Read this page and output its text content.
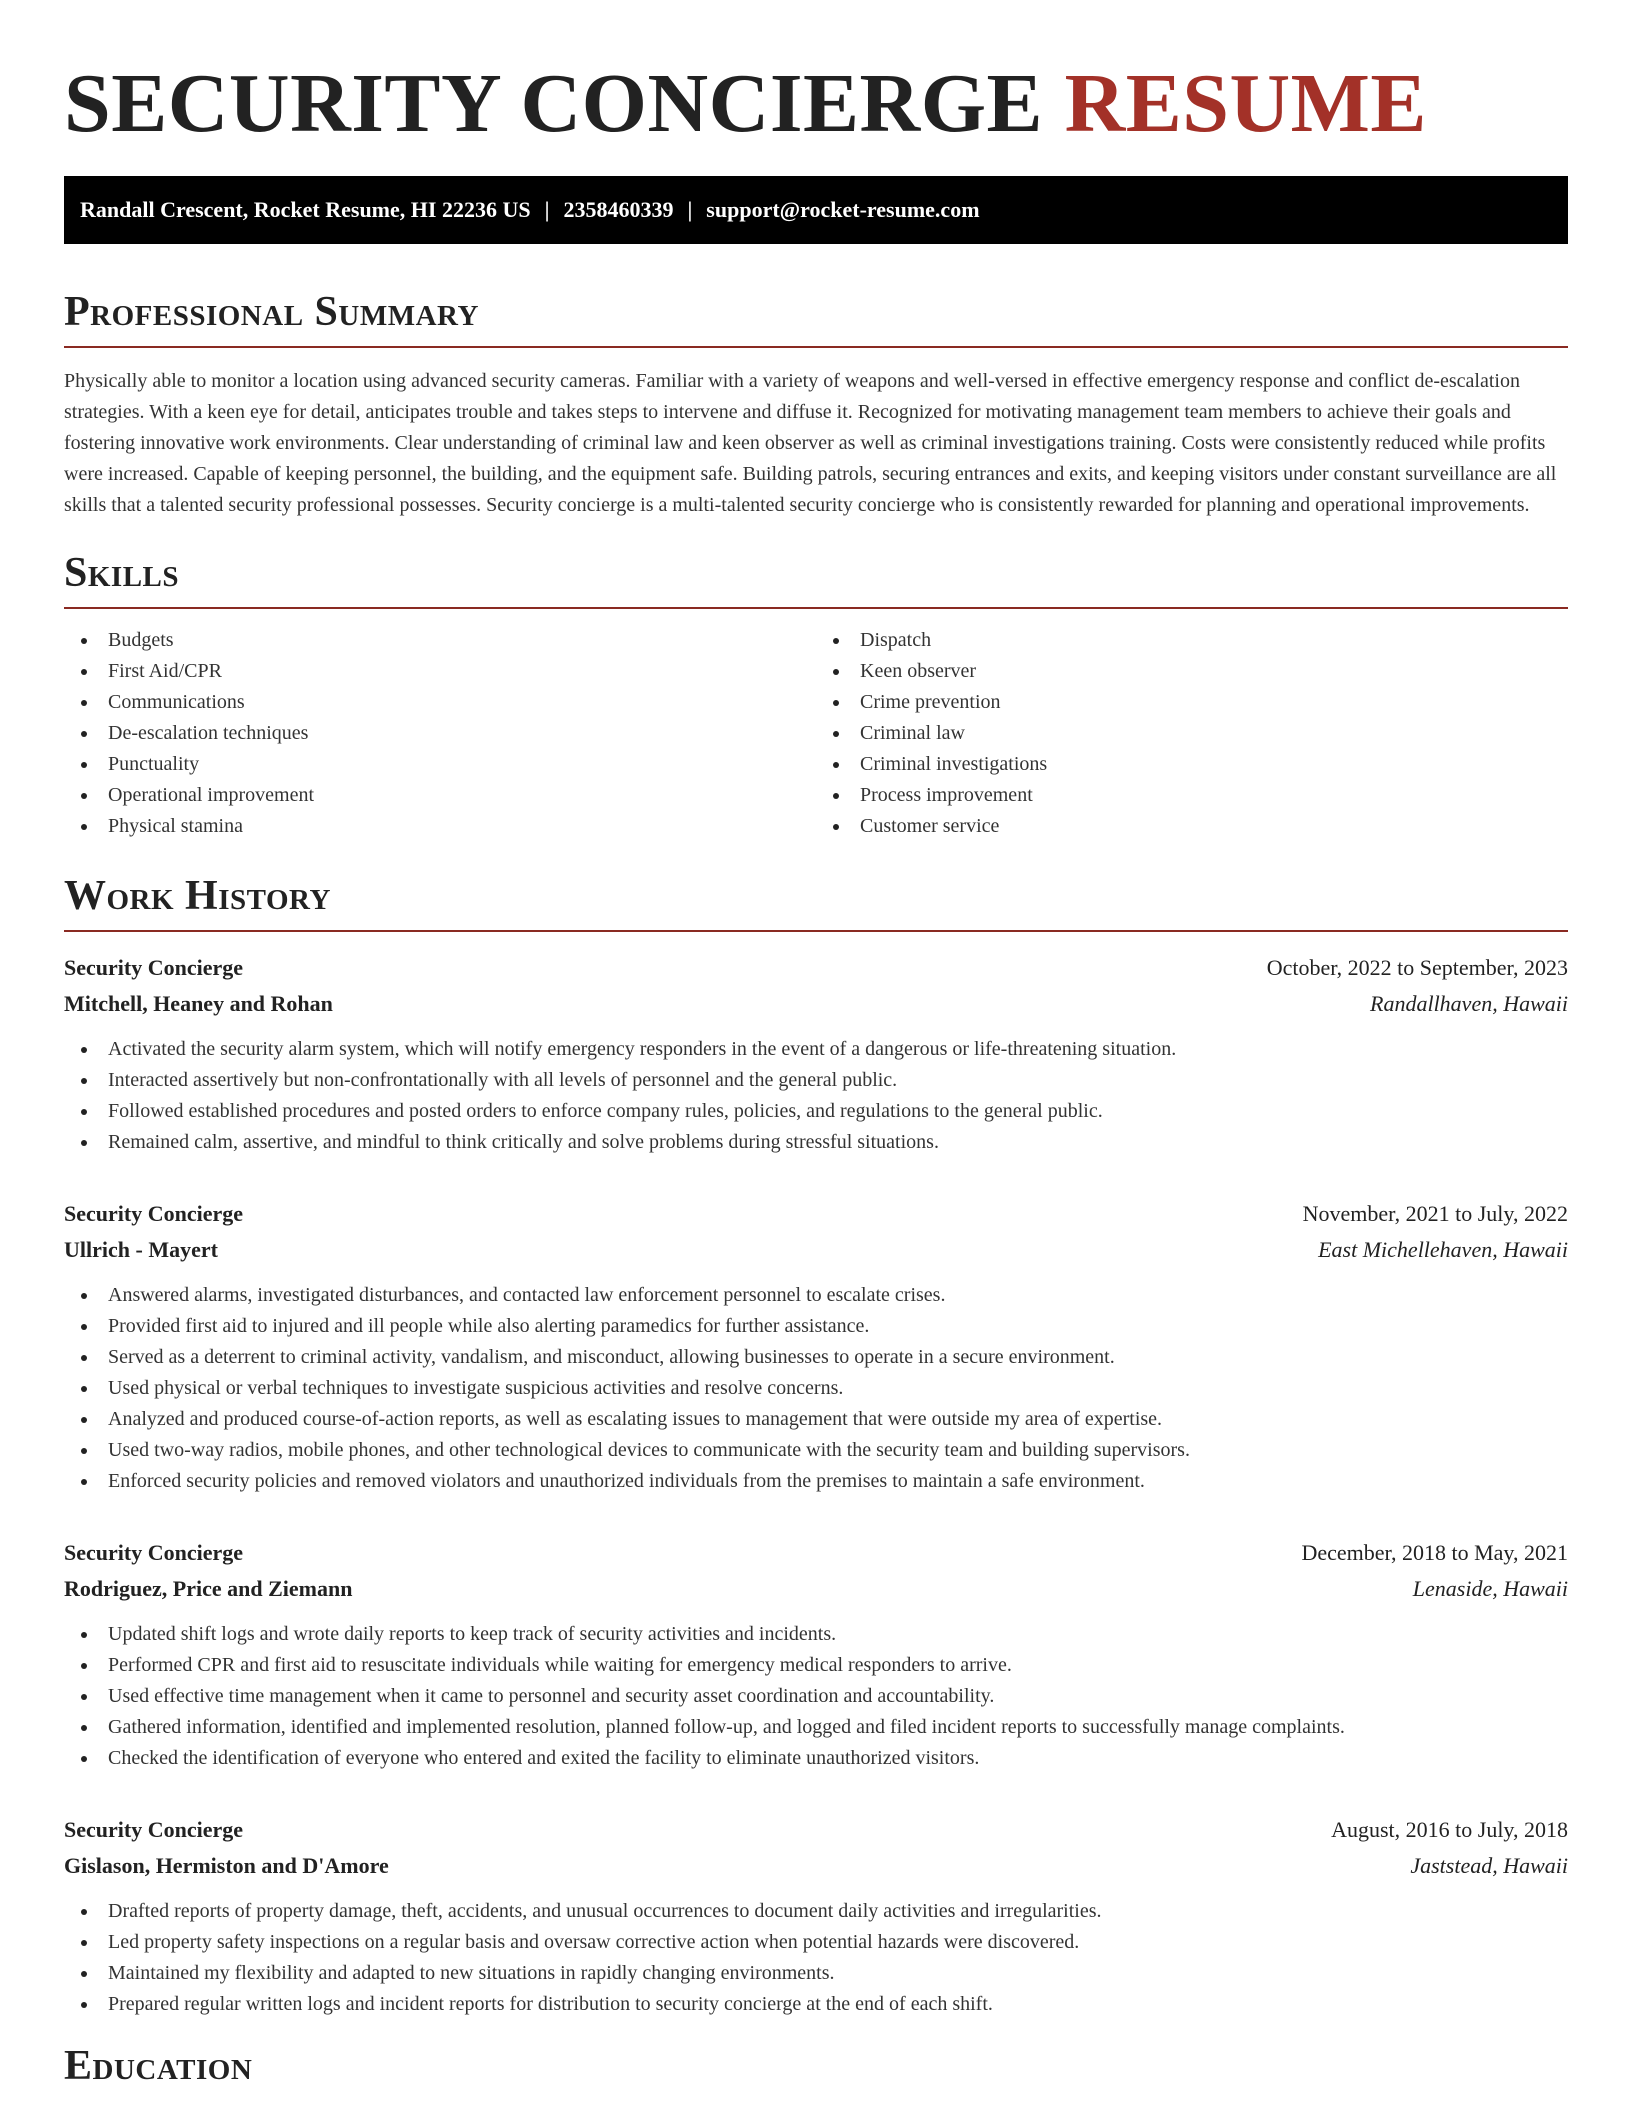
SECURITY CONCIERGE RESUME
Randall Crescent, Rocket Resume, HI 22236 US | 2358460339 | support@rocket-resume.com
Professional Summary

Physically able to monitor a location using advanced security cameras. Familiar with a variety of weapons and well-versed in effective emergency response and conflict de-escalation strategies. With a keen eye for detail, anticipates trouble and takes steps to intervene and diffuse it. Recognized for motivating management team members to achieve their goals and fostering innovative work environments. Clear understanding of criminal law and keen observer as well as criminal investigations training. Costs were consistently reduced while profits were increased. Capable of keeping personnel, the building, and the equipment safe. Building patrols, securing entrances and exits, and keeping visitors under constant surveillance are all skills that a talented security professional possesses. Security concierge is a multi-talented security concierge who is consistently rewarded for planning and operational improvements.

Skills
Budgets
First Aid/CPR
Communications
De-escalation techniques
Punctuality
Operational improvement
Physical stamina
Dispatch
Keen observer
Crime prevention
Criminal law
Criminal investigations
Process improvement
Customer service
Work History
Security Concierge	October, 2022 to September, 2023
Mitchell, Heaney and Rohan	Randallhaven, Hawaii
Activated the security alarm system, which will notify emergency responders in the event of a dangerous or life-threatening situation.
Interacted assertively but non-confrontationally with all levels of personnel and the general public.
Followed established procedures and posted orders to enforce company rules, policies, and regulations to the general public.
Remained calm, assertive, and mindful to think critically and solve problems during stressful situations.
Security Concierge	November, 2021 to July, 2022
Ullrich - Mayert	East Michellehaven, Hawaii
Answered alarms, investigated disturbances, and contacted law enforcement personnel to escalate crises.
Provided first aid to injured and ill people while also alerting paramedics for further assistance.
Served as a deterrent to criminal activity, vandalism, and misconduct, allowing businesses to operate in a secure environment.
Used physical or verbal techniques to investigate suspicious activities and resolve concerns.
Analyzed and produced course-of-action reports, as well as escalating issues to management that were outside my area of expertise.
Used two-way radios, mobile phones, and other technological devices to communicate with the security team and building supervisors.
Enforced security policies and removed violators and unauthorized individuals from the premises to maintain a safe environment.
Security Concierge	December, 2018 to May, 2021
Rodriguez, Price and Ziemann	Lenaside, Hawaii
Updated shift logs and wrote daily reports to keep track of security activities and incidents.
Performed CPR and first aid to resuscitate individuals while waiting for emergency medical responders to arrive.
Used effective time management when it came to personnel and security asset coordination and accountability.
Gathered information, identified and implemented resolution, planned follow-up, and logged and filed incident reports to successfully manage complaints.
Checked the identification of everyone who entered and exited the facility to eliminate unauthorized visitors.
Security Concierge	August, 2016 to July, 2018
Gislason, Hermiston and D'Amore	Jaststead, Hawaii
Drafted reports of property damage, theft, accidents, and unusual occurrences to document daily activities and irregularities.
Led property safety inspections on a regular basis and oversaw corrective action when potential hazards were discovered.
Maintained my flexibility and adapted to new situations in rapidly changing environments.
Prepared regular written logs and incident reports for distribution to security concierge at the end of each shift.
Education
